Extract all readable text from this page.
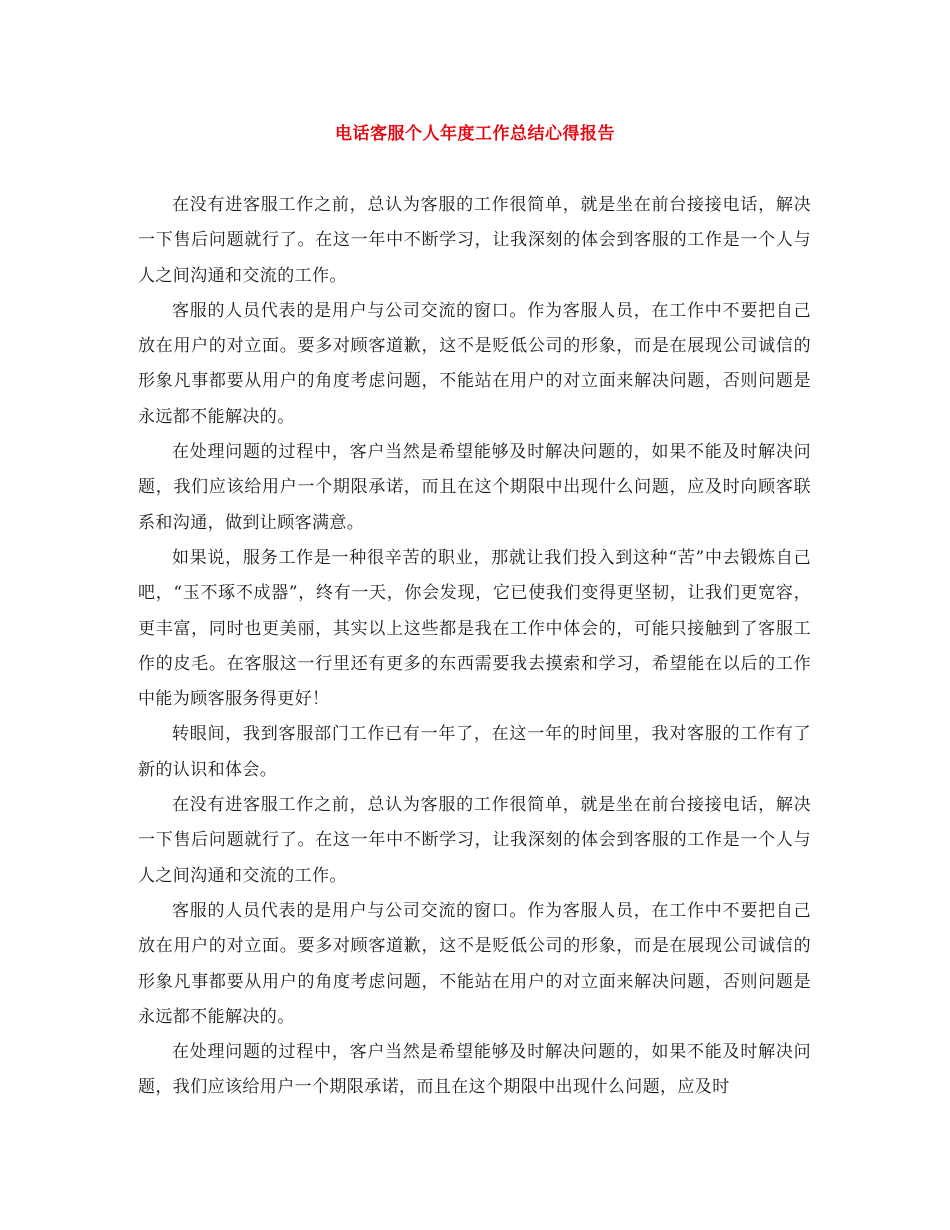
电话客服个人年度工作总结心得报告

在没有进客服工作之前，总认为客服的工作很简单，就是坐在前台接接电话，解决一下售后问题就行了。在这一年中不断学习，让我深刻的体会到客服的工作是一个人与人之间沟通和交流的工作。

客服的人员代表的是用户与公司交流的窗口。作为客服人员，在工作中不要把自己放在用户的对立面。要多对顾客道歉，这不是贬低公司的形象，而是在展现公司诚信的形象凡事都要从用户的角度考虑问题，不能站在用户的对立面来解决问题，否则问题是永远都不能解决的。

在处理问题的过程中，客户当然是希望能够及时解决问题的，如果不能及时解决问题，我们应该给用户一个期限承诺，而且在这个期限中出现什么问题，应及时向顾客联系和沟通，做到让顾客满意。

如果说，服务工作是一种很辛苦的职业，那就让我们投入到这种“苦”中去锻炼自己吧，“玉不琢不成器”，终有一天，你会发现，它已使我们变得更坚韧，让我们更宽容，更丰富，同时也更美丽，其实以上这些都是我在工作中体会的，可能只接触到了客服工作的皮毛。在客服这一行里还有更多的东西需要我去摸索和学习，希望能在以后的工作中能为顾客服务得更好！

转眼间，我到客服部门工作已有一年了，在这一年的时间里，我对客服的工作有了新的认识和体会。

在没有进客服工作之前，总认为客服的工作很简单，就是坐在前台接接电话，解决一下售后问题就行了。在这一年中不断学习，让我深刻的体会到客服的工作是一个人与人之间沟通和交流的工作。

客服的人员代表的是用户与公司交流的窗口。作为客服人员，在工作中不要把自己放在用户的对立面。要多对顾客道歉，这不是贬低公司的形象，而是在展现公司诚信的形象凡事都要从用户的角度考虑问题，不能站在用户的对立面来解决问题，否则问题是永远都不能解决的。

在处理问题的过程中，客户当然是希望能够及时解决问题的，如果不能及时解决问题，我们应该给用户一个期限承诺，而且在这个期限中出现什么问题，应及时
